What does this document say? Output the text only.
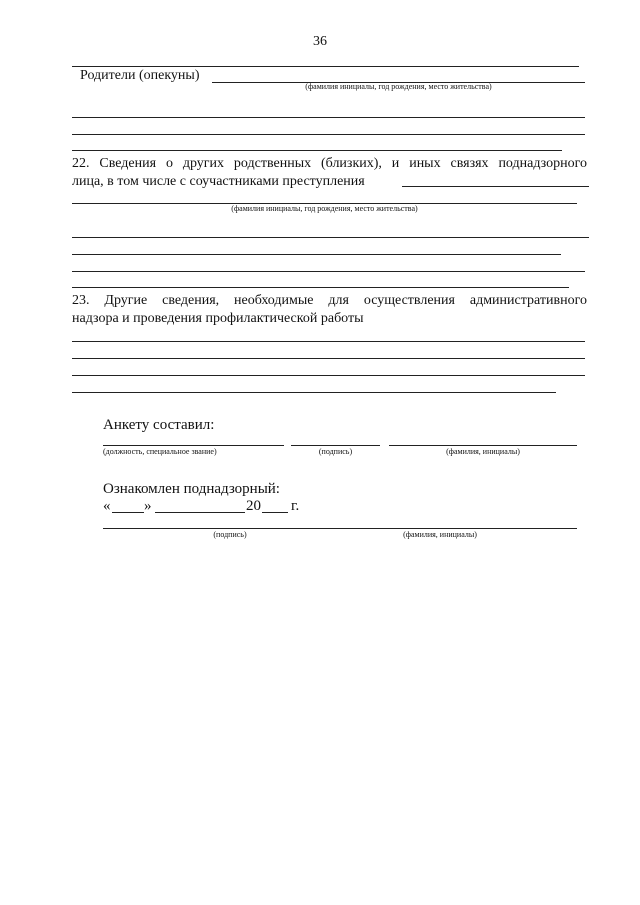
36
Родители (опекуны)
(фамилия инициалы, год рождения, место жительства)
22. Сведения о других родственных (близких), и иных связях поднадзорного
лица, в том числе с соучастниками преступления
(фамилия инициалы, год рождения, место жительства)
23. Другие сведения, необходимые для осуществления административного
надзора и проведения профилактической работы
Анкету составил:
(должность, специальное звание)	(подпись)	(фамилия, инициалы)
Ознакомлен поднадзорный:
« »	20 г.
(подпись)	(фамилия, инициалы)
